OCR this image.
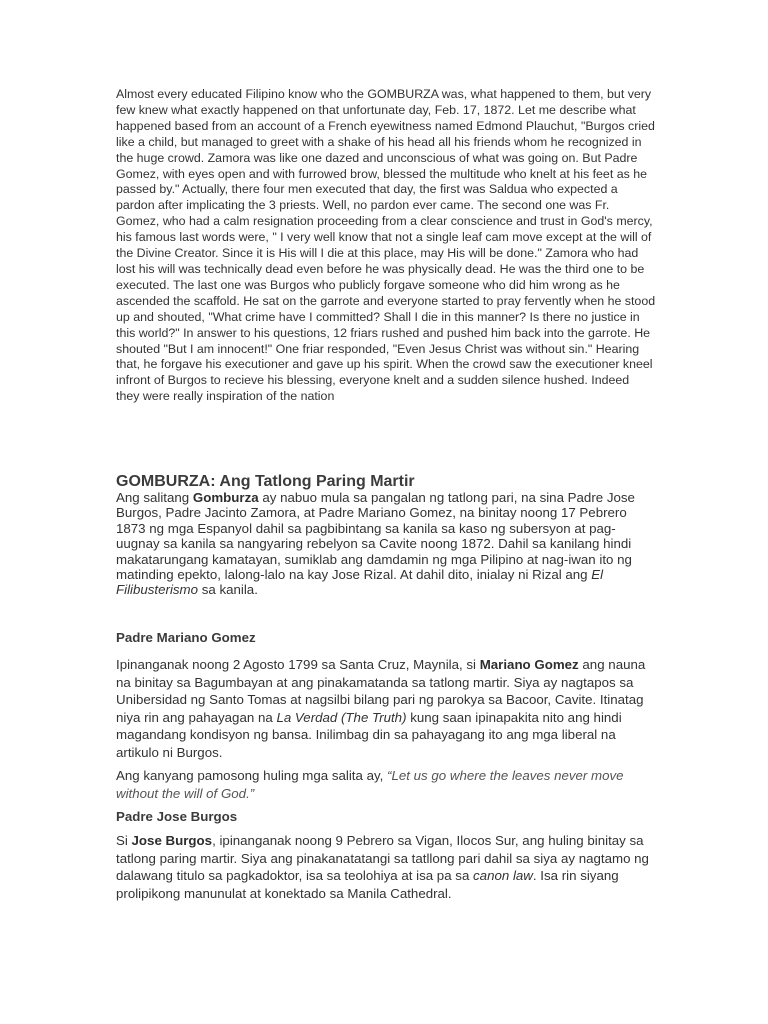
Almost every educated Filipino know who the GOMBURZA was, what happened to them, but very few knew what exactly happened on that unfortunate day, Feb. 17, 1872. Let me describe what happened based from an account of a French eyewitness named Edmond Plauchut, "Burgos cried like a child, but managed to greet with a shake of his head all his friends whom he recognized in the huge crowd. Zamora was like one dazed and unconscious of what was going on. But Padre Gomez, with eyes open and with furrowed brow, blessed the multitude who knelt at his feet as he passed by." Actually, there four men executed that day, the first was Saldua who expected a pardon after implicating the 3 priests. Well, no pardon ever came. The second one was Fr. Gomez, who had a calm resignation proceeding from a clear conscience and trust in God's mercy, his famous last words were, " I very well know that not a single leaf cam move except at the will of the Divine Creator. Since it is His will I die at this place, may His will be done." Zamora who had lost his will was technically dead even before he was physically dead. He was the third one to be executed. The last one was Burgos who publicly forgave someone who did him wrong as he ascended the scaffold. He sat on the garrote and everyone started to pray fervently when he stood up and shouted, "What crime have I committed? Shall I die in this manner? Is there no justice in this world?" In answer to his questions, 12 friars rushed and pushed him back into the garrote. He shouted "But I am innocent!" One friar responded, "Even Jesus Christ was without sin." Hearing that, he forgave his executioner and gave up his spirit. When the crowd saw the executioner kneel infront of Burgos to recieve his blessing, everyone knelt and a sudden silence hushed. Indeed they were really inspiration of the nation

GOMBURZA: Ang Tatlong Paring Martir

Ang salitang Gomburza ay nabuo mula sa pangalan ng tatlong pari, na sina Padre Jose Burgos, Padre Jacinto Zamora, at Padre Mariano Gomez, na binitay noong 17 Pebrero 1873 ng mga Espanyol dahil sa pagbibintang sa kanila sa kaso ng subersyon at pag-uugnay sa kanila sa nangyaring rebelyon sa Cavite noong 1872. Dahil sa kanilang hindi makatarungang kamatayan, sumiklab ang damdamin ng mga Pilipino at nag-iwan ito ng matinding epekto, lalong-lalo na kay Jose Rizal. At dahil dito, inialay ni Rizal ang El Filibusterismo sa kanila.

Padre Mariano Gomez

Ipinanganak noong 2 Agosto 1799 sa Santa Cruz, Maynila, si Mariano Gomez ang nauna na binitay sa Bagumbayan at ang pinakamatanda sa tatlong martir. Siya ay nagtapos sa Unibersidad ng Santo Tomas at nagsilbi bilang pari ng parokya sa Bacoor, Cavite. Itinatag niya rin ang pahayagan na La Verdad (The Truth) kung saan ipinapakita nito ang hindi magandang kondisyon ng bansa. Inilimbag din sa pahayagang ito ang mga liberal na artikulo ni Burgos.

Ang kanyang pamosong huling mga salita ay, “Let us go where the leaves never move without the will of God.”

Padre Jose Burgos

Si Jose Burgos, ipinanganak noong 9 Pebrero sa Vigan, Ilocos Sur, ang huling binitay sa tatlong paring martir. Siya ang pinakanatatangi sa tatllong pari dahil sa siya ay nagtamo ng dalawang titulo sa pagkadoktor, isa sa teolohiya at isa pa sa canon law. Isa rin siyang prolipikong manunulat at konektado sa Manila Cathedral.
